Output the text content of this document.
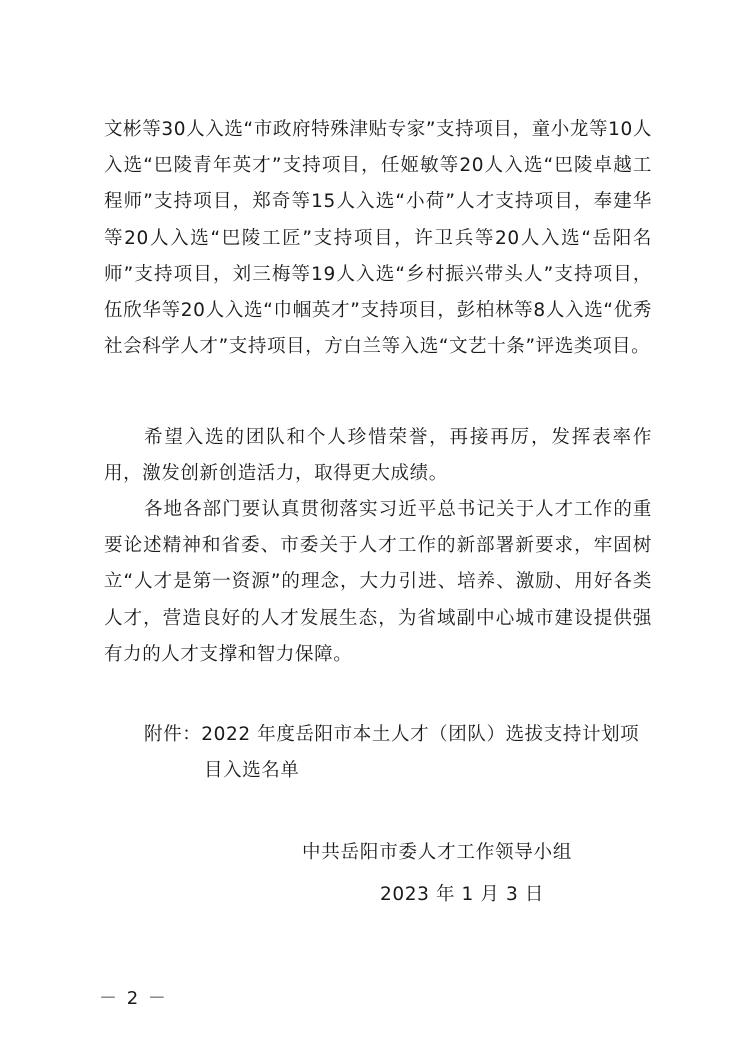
文彬等30人入选“市政府特殊津贴专家”支持项目，童小龙等10人入选“巴陵青年英才”支持项目，任姬敏等20人入选“巴陵卓越工程师”支持项目，郑奇等15人入选“小荷”人才支持项目，奉建华等20人入选“巴陵工匠”支持项目，许卫兵等20人入选“岳阳名师”支持项目，刘三梅等19人入选“乡村振兴带头人”支持项目，伍欣华等20人入选“巾帼英才”支持项目，彭柏林等8人入选“优秀社会科学人才”支持项目，方白兰等入选“文艺十条”评选类项目。

希望入选的团队和个人珍惜荣誉，再接再厉，发挥表率作用，激发创新创造活力，取得更大成绩。

各地各部门要认真贯彻落实习近平总书记关于人才工作的重要论述精神和省委、市委关于人才工作的新部署新要求，牢固树立“人才是第一资源”的理念，大力引进、培养、激励、用好各类人才，营造良好的人才发展生态，为省域副中心城市建设提供强有力的人才支撑和智力保障。

附件：2022 年度岳阳市本土人才（团队）选拔支持计划项
目入选名单

中共岳阳市委人才工作领导小组

2023 年 1 月 3 日

－ 2 －
